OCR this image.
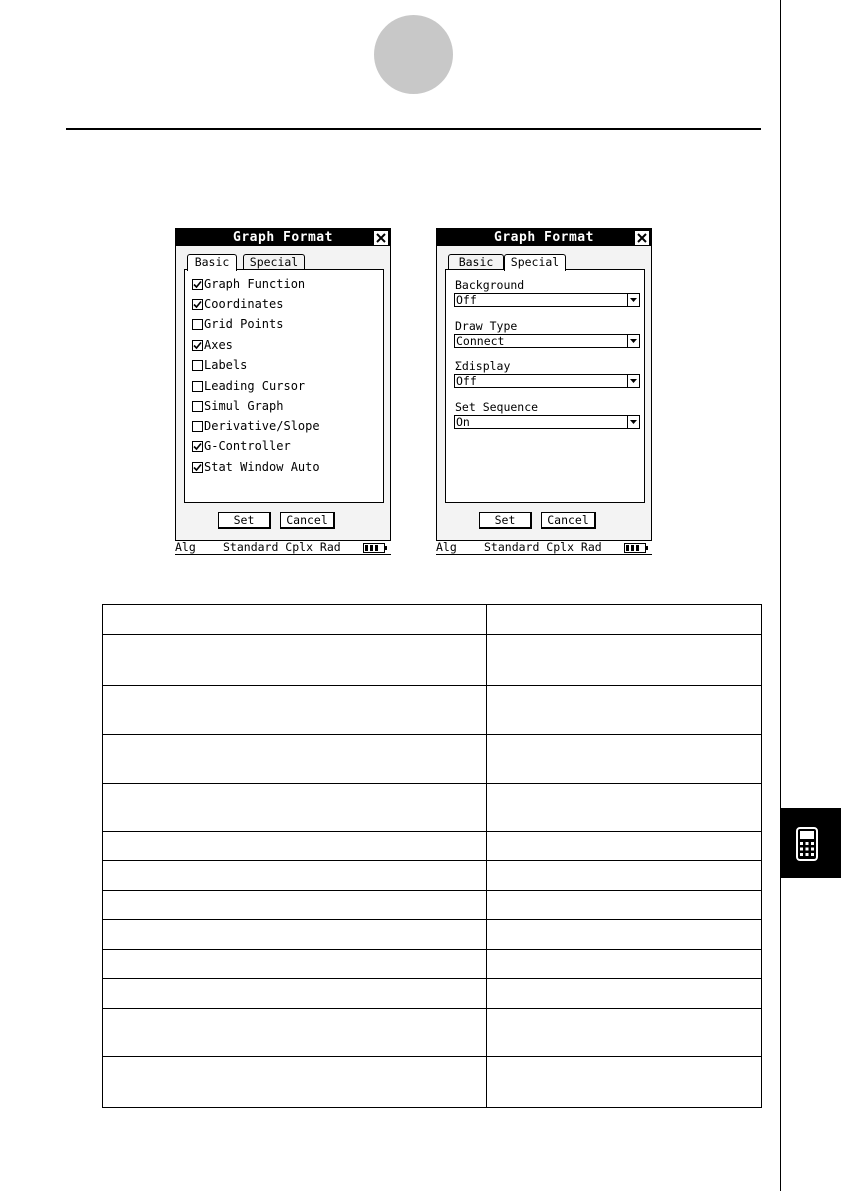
Graph Format
Basic	Special
Graph Function
Coordinates
Grid Points
Axes
Labels
Leading Cursor
Simul Graph
Derivative/Slope
G-Controller
Stat Window Auto
Set	Cancel
Alg Standard Cplx Rad
Graph Format
Basic	Special
Background
Off
Draw Type
Connect
Σdisplay
Off
Set Sequence
On
Set	Cancel
Alg Standard Cplx Rad
